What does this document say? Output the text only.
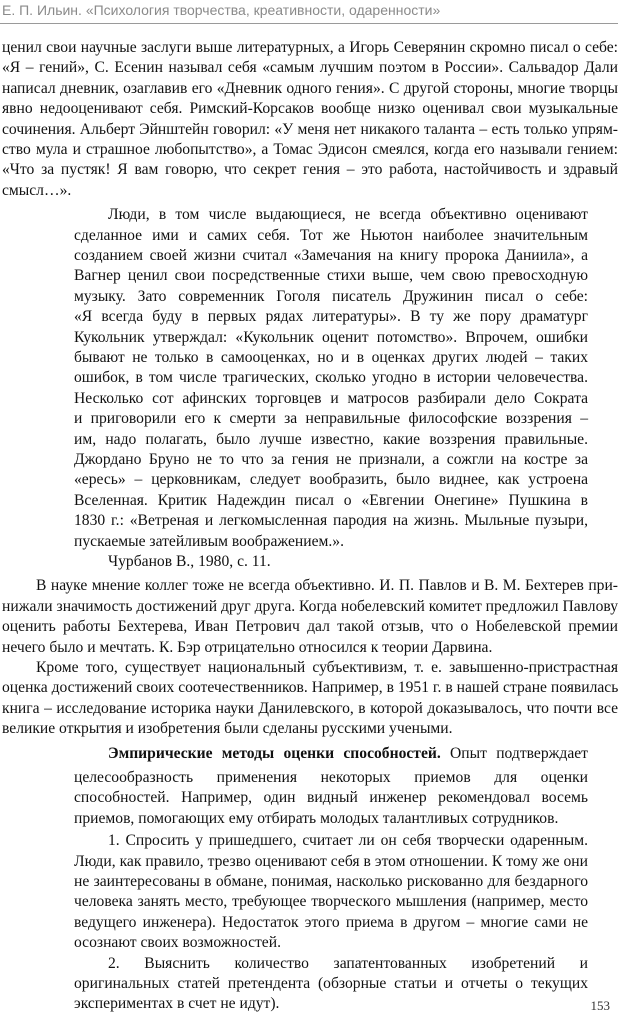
Е. П. Ильин. «Психология творчества, креативности, одаренности»

ценил свои научные заслуги выше литературных, а Игорь Северянин скромно писал о себе:

«Я – гений», С. Есенин называл себя «самым лучшим поэтом в России». Сальвадор Дали

написал дневник, озаглавив его «Дневник одного гения». С другой стороны, многие творцы

явно недооценивают себя. Римский-Корсаков вообще низко оценивал свои музыкальные

сочинения. Альберт Эйнштейн говорил: «У меня нет никакого таланта – есть только упрям-

ство мула и страшное любопытство», а Томас Эдисон смеялся, когда его называли гением:

«Что за пустяк! Я вам говорю, что секрет гения – это работа, настойчивость и здравый

смысл…».

Люди, в том числе выдающиеся, не всегда объективно оценивают

сделанное ими и самих себя. Тот же Ньютон наиболее значительным

созданием своей жизни считал «Замечания на книгу пророка Даниила», а

Вагнер ценил свои посредственные стихи выше, чем свою превосходную

музыку. Зато современник Гоголя писатель Дружинин писал о себе:

«Я всегда буду в первых рядах литературы». В ту же пору драматург

Кукольник утверждал: «Кукольник оценит потомство». Впрочем, ошибки

бывают не только в самооценках, но и в оценках других людей – таких

ошибок, в том числе трагических, сколько угодно в истории человечества.

Несколько сот афинских торговцев и матросов разбирали дело Сократа

и приговорили его к смерти за неправильные философские воззрения –

им, надо полагать, было лучше известно, какие воззрения правильные.

Джордано Бруно не то что за гения не признали, а сожгли на костре за

«ересь» – церковникам, следует вообразить, было виднее, как устроена

Вселенная. Критик Надеждин писал о «Евгении Онегине» Пушкина в

1830 г.: «Ветреная и легкомысленная пародия на жизнь. Мыльные пузыри,

пускаемые затейливым воображением.».

Чурбанов В., 1980, с. 11.

В науке мнение коллег тоже не всегда объективно. И. П. Павлов и В. М. Бехтерев при-

нижали значимость достижений друг друга. Когда нобелевский комитет предложил Павлову

оценить работы Бехтерева, Иван Петрович дал такой отзыв, что о Нобелевской премии

нечего было и мечтать. К. Бэр отрицательно относился к теории Дарвина.

Кроме того, существует национальный субъективизм, т. е. завышенно-пристрастная

оценка достижений своих соотечественников. Например, в 1951 г. в нашей стране появилась

книга – исследование историка науки Данилевского, в которой доказывалось, что почти все

великие открытия и изобретения были сделаны русскими учеными.

Эмпирические методы оценки способностей. Опыт подтверждает

целесообразность применения некоторых приемов для оценки

способностей. Например, один видный инженер рекомендовал восемь

приемов, помогающих ему отбирать молодых талантливых сотрудников.

1. Спросить у пришедшего, считает ли он себя творчески одаренным.

Люди, как правило, трезво оценивают себя в этом отношении. К тому же они

не заинтересованы в обмане, понимая, насколько рискованно для бездарного

человека занять место, требующее творческого мышления (например, место

ведущего инженера). Недостаток этого приема в другом – многие сами не

осознают своих возможностей.

2. Выяснить количество запатентованных изобретений и

оригинальных статей претендента (обзорные статьи и отчеты о текущих

экспериментах в счет не идут).	153
